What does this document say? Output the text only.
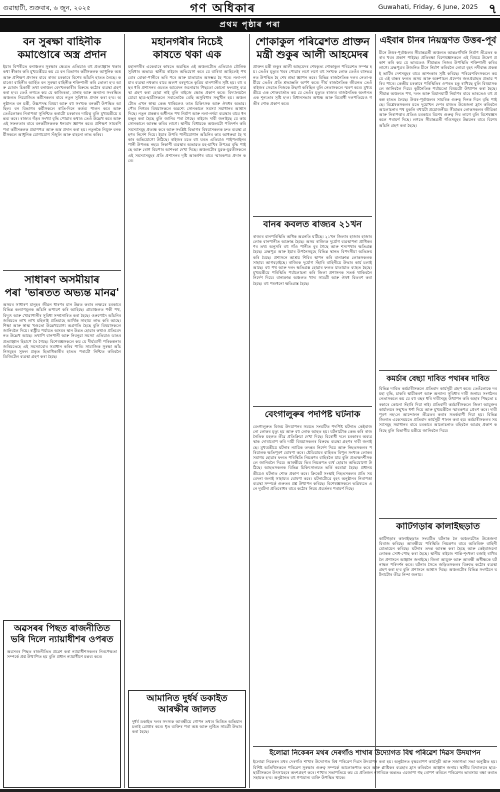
গুৱাহাটী, শুক্ৰবাৰ, ৬ জুন, ২০২৫	গণ অধিকাৰ	Guwahati, Friday, 6 June, 2025 ৭
প্ৰথম পৃষ্ঠাৰ পৰা
বন সুৰক্ষা বাহিনীক
কমাণ্ডোৰে অস্ত্ৰ প্ৰদান
ইয়াৰ বিপৰীতে বনাঞ্চলৰ সুৰক্ষাৰ ক্ষেত্ৰত এতিয়াও বহু প্ৰত্যাহ্বান থকাৰ কথা স্বীকাৰ কৰি মুখ্যমন্ত্ৰীয়ে কয় যে বন বিভাগৰ কৰ্মীসকলক আধুনিক অস্ত্ৰ আৰু প্ৰশিক্ষণ প্ৰদানৰ বাবে ৰাজ্য চৰকাৰে বিশেষ আঁচনি হাতত লৈছে। কমাণ্ডো বাহিনীৰ আৰ্হিত বন সুৰক্ষা বাহিনীক শক্তিশালী কৰি তোলা হ'ব আৰু চোৰাং চিকাৰী তথা বনাঞ্চল বেদখলকাৰীৰ বিৰুদ্ধে কঠোৰ ব্যৱস্থা গ্ৰহণ কৰা হ'ব। তেওঁ লগতে কয় যে কাজিৰঙা, মানাহ আৰু অন্যান্য সংৰক্ষিত অঞ্চলত নিয়োজিত কৰ্মীসকলৰ বাবে নতুন সুবিধাও প্ৰদান কৰা হ'ব। অনুষ্ঠানত বন মন্ত্ৰী, উচ্চপদস্থ বিষয়া আৰু বহু সংখ্যক বনকৰ্মী উপস্থিত আছিল। বন বিভাগৰ কৰ্মীসকলে ৰাতি-দিনে কৰ্তব্য পালন কৰে আৰু তেওঁলোকৰ নিৰাপত্তা সুনিশ্চিত কৰাটো চৰকাৰৰ দায়িত্ব বুলি মুখ্যমন্ত্ৰীয়ে মন্তব্য কৰে। ৰাজ্যৰ গঁড়ৰ সংখ্যা বৃদ্ধি পোৱাৰ কথাও তেওঁ উল্লেখ কৰে আৰু এই সফলতাৰ বাবে বনকৰ্মীসকলক ধন্যবাদ জ্ঞাপন কৰে। প্ৰশিক্ষণ সামৰণি পৰা কৰ্মীসকলক প্ৰমাণপত্ৰ আৰু অস্ত্ৰ প্ৰদান কৰা হয়। নতুনকৈ নিযুক্ত বনকৰ্মীসকলে আধুনিক যোগাযোগ সঁজুলি আৰু বাহনো লাভ কৰিব।
সাধাৰণ অসমীয়াৰ
পৰা 'ভাৰতত অভ্যন্ত মানৱ'
অসমৰ সাধাৰণ মানুহৰ জীৱন ধাৰণৰ মান উন্নত কৰাৰ লক্ষ্যৰে চৰকাৰে বিভিন্ন কল্যাণমূলক আঁচনি ৰূপায়ণ কৰি আহিছে। গ্ৰামাঞ্চলত পকী পথ, বিদ্যুৎ আৰু খোৱাপানীৰ সুবিধা সম্প্ৰসাৰিত কৰা হৈছে। ওৰুণোদৈ আঁচনিৰ জৰিয়তে লাখ লাখ মহিলাই প্ৰতিমাহে আৰ্থিক সাহায্য লাভ কৰি আছে। শিক্ষা আৰু স্বাস্থ্য খণ্ডতো উল্লেখযোগ্য অগ্ৰগতি হৈছে বুলি বিষয়াসকলে জানিবলৈ দিয়ে। ৰাষ্ট্ৰীয় পৰ্যায়ত অসমৰ স্থান উন্নত হোৱাৰ কথাও প্ৰতিবেদনত উল্লেখ আছে। তথাপি বানপানী আৰু নিবনুৱা সমস্যা এতিয়াও ডাঙৰ প্ৰত্যাহ্বান হিচাপে ৰৈ গৈছে। বিশেষজ্ঞসকলে কয় যে দীৰ্ঘম্যাদী পৰিকল্পনাৰ জৰিয়তেহে এই সমস্যাবোৰ সমাধান কৰিব পাৰি। সামাজিক সুৰক্ষা আঁচনিসমূহৰ সুফল প্ৰকৃত হিতাধিকাৰীৰ হাতত পৰাটো নিশ্চিত কৰিবলৈ ডিজিটেল ব্যৱস্থা গ্ৰহণ কৰা হৈছে।
অৱসৰৰ পিছত ৰাজনীতিত
ভৰি দিলে ন্যায়াধীশৰ ওপৰত
অৱসৰৰ পিছত ৰাজনীতিত প্ৰৱেশ কৰা ন্যায়াধীশসকলৰ নিৰপেক্ষতা সম্পৰ্কে প্ৰশ্ন উত্থাপিত হয় বুলি প্ৰধান ন্যায়াধীশে মন্তব্য কৰে।
মহানগৰীৰ নিচেই
কাষতে থকা এক
মহানগৰীৰ একেবাৰে কাষতে অৱস্থিত এই অঞ্চলটোত এতিয়াও মৌলিক সুবিধাৰ অভাৱ। স্থানীয় ৰাইজে অভিযোগ কৰে যে বাৰিষা আহিলেই পথবোৰ বোকা-পানীৰে ভৰি পৰে আৰু যাতায়াত অসম্ভৱ হৈ পৰে। নলা-নৰ্দমাৰ ব্যৱস্থা নথকাৰ বাবে অলপ বৰষুণতে কৃত্ৰিম বানপানীৰ সৃষ্টি হয়। বহু বছৰ ধৰি প্ৰশাসনৰ ওচৰত আবেদন জনোৱাৰ পিছতো কোনো ফলপ্ৰসূ ব্যৱস্থা গ্ৰহণ কৰা হোৱা নাই বুলি ৰাইজে ক্ষোভ প্ৰকাশ কৰে। বিদ্যালয়লৈ যোৱা ছাত্ৰ-ছাত্ৰীসকলে সবাতোকৈ বেছি অসুবিধাৰ সন্মুখীন হয়। অঞ্চলটোত এখন স্বাস্থ্য কেন্দ্ৰ থাকিলেও তাত চিকিৎসক আৰু ঔষধৰ অভাৱ। পৌৰ নিগমৰ বিষয়াসকলে অৱশ্যে সোনকালে সমস্যা সমাধানৰ আশ্বাস দিছে। নতুন প্ৰকল্পৰ অধীনত পথ নিৰ্মাণ আৰু নলা-নৰ্দমা ব্যৱস্থাৰ বাবে ধন মঞ্জুৰ কৰা হৈছে বুলি জানিব পৰা গৈছে। ৰাইজে দাবী জনাইছে যে কাম সোনকালে আৰম্ভ কৰিব লাগে। স্থানীয় বিধায়কে অঞ্চলটো পৰিদৰ্শন কৰি সমস্যাসমূহ প্ৰত্যক্ষ কৰে আৰু সংশ্লিষ্ট বিভাগৰ বিষয়াসকলক দ্ৰুত ব্যৱস্থা গ্ৰহণৰ নিৰ্দেশ দিয়ে। ইয়াৰ উপৰি পানীযোগান আঁচনিৰ কাম আধৰুৱা হৈ থকাৰ অভিযোগো উঠিছে। ৰাইজৰ মতে বহু ঘৰত এতিয়াও পাইপলাইনৰ পানী উপলব্ধ নহয়। নিকাশী ব্যৱস্থাৰ অভাৱত মহ-মাখিৰ উপদ্ৰৱ বৃদ্ধি পাইছে আৰু ৰোগ বিয়পাৰ আশংকা দেখা দিছে। অঞ্চলটোৰ যুৱক-যুৱতীসকলে এই সমস্যাসমূহৰ প্ৰতি প্ৰশাসনৰ দৃষ্টি আকৰ্ষণৰ বাবে স্মাৰকপত্ৰ প্ৰদান কৰে।
আমানিত দুৰ্ধৰ্ষ ডকাইত
আৰক্ষীৰ জালত
দুৰ্ধৰ্ষ ডকাইত দলৰ সদস্যক আৰক্ষীয়ে গোপন তথ্যৰ ভিত্তিত অভিযান চলাই গ্ৰেপ্তাৰ কৰে। ধৃত ব্যক্তিৰ পৰা অস্ত্ৰ আৰু লুণ্ঠিত সামগ্ৰী উদ্ধাৰ কৰা হৈছে।
শোকাকুল পৰিৱেশত প্ৰাক্তন
মন্ত্ৰী শুকুৰ আলী আহমেদৰ
প্ৰাক্তন মন্ত্ৰী শুকুৰ আলী আহমেদৰ শেষকৃত্য শোকাকুল পৰিৱেশত সম্পন্ন হয়। তেওঁৰ মৃত্যুৰ খবৰ পোৱাৰ লগে লগে বহু সংখ্যক লোক তেওঁৰ বাসভৱনত উপস্থিত হৈ শেষ শ্ৰদ্ধা জ্ঞাপন কৰে। বিভিন্ন ৰাজনৈতিক দলৰ নেতা-কৰ্মীয়ে তেওঁৰ প্ৰতি শ্ৰদ্ধাঞ্জলি অৰ্পণ কৰে। দীৰ্ঘ ৰাজনৈতিক জীৱনত তেওঁ ৰাইজৰ সেৱাত নিজকে উছৰ্গা কৰিছিল বুলি নেতাসকলে স্মৰণ কৰে। মুখ্যমন্ত্ৰীয়ে এক শোকবাৰ্তাত কয় যে তেওঁৰ মৃত্যুত ৰাজ্যৰ ৰাজনৈতিক অংগনত এক শূন্যতাৰ সৃষ্টি হ'ল। বিধানসভাৰ অধ্যক্ষ আৰু বিৰোধী দলপতিয়েও গভীৰ শোক প্ৰকাশ কৰে।
বানৰ কবলত ৰাজ্যৰ ২১খন
ৰাজ্যৰ বানপৰিস্থিতি অধিক অৱনতি ঘটিছে। ২১খন জিলাৰ হাজাৰ হাজাৰ লোক বানপানীত আক্ৰান্ত হৈছে। অসম ৰাজ্যিক দুৰ্যোগ ব্যৱস্থাপনা প্ৰাধিকৰণৰ তথ্য অনুসৰি বহু গাঁও পানীত বুৰ গৈছে আৰু শস্যপথাৰ ক্ষতিগ্ৰস্ত হৈছে। ব্ৰহ্মপুত্ৰ আৰু ইয়াৰ উপনৈসমূহে বিভিন্ন স্থানত বিপদসীমা অতিক্ৰম কৰি বৈছে। প্ৰশাসনে আশ্ৰয় শিবিৰ স্থাপন কৰি বানাক্ৰান্ত লোকসকলক সাহায্য আগবঢ়াইছে। ৰাজ্যিক দুৰ্যোগ সঁহাৰি বাহিনীয়ে উদ্ধাৰ কাৰ্য চলাই আছে। বহু পথ আৰু দলং ক্ষতিগ্ৰস্ত হোৱাৰ ফলত যাতায়াত ব্যাহত হৈছে। মুখ্যমন্ত্ৰীয়ে পৰিস্থিতি পৰ্যালোচনা কৰি জিলা প্ৰশাসনক সতৰ্ক থাকিবলৈ নিৰ্দেশ দিয়ে। বানাক্ৰান্ত অঞ্চলত খাদ্য সামগ্ৰী আৰু ঔষধ বিতৰণ কৰা হৈছে। বহু পশুধনো ক্ষতিগ্ৰস্ত হৈছে।
বেংগালুৰুৰ পদপিষ্ট ঘটনাক
বেংগালুৰুত বিজয় উদযাপনৰ সময়ত সংঘটিত পদপিষ্ট ঘটনাত কেইবাজনো লোকৰ মৃত্যু হয় আৰু বহু লোক আহত হয়। ঘটনাটোক কেন্দ্ৰ কৰি ৰাজনৈতিক মহলত তীব্ৰ প্ৰতিক্ৰিয়া দেখা দিছে। বিৰোধী দলে চৰকাৰৰ অব্যৱস্থাক দোষাৰোপ কৰি দায়ী বিষয়াসকলৰ বিৰুদ্ধে ব্যৱস্থা গ্ৰহণৰ দাবী জনাইছে। মুখ্যমন্ত্ৰীয়ে ঘটনাৰ ন্যায়িক তদন্তৰ নিৰ্দেশ দিয়ে আৰু নিহতসকলৰ পৰিয়ালক ক্ষতিপূৰণ ঘোষণা কৰে। ষ্টেডিয়ামৰ বাহিৰত বিপুল সংখ্যক লোকৰ সমাগম হোৱাৰ ফলত পৰিস্থিতি নিয়ন্ত্ৰণৰ বাহিৰলৈ যায় বুলি প্ৰত্যক্ষদৰ্শীসকলে জানিবলৈ দিয়ে। আৰক্ষীয়ে ভিৰ নিয়ন্ত্ৰণত ব্যৰ্থ হোৱাৰ অভিযোগো উঠিছে। আহতসকলক বিভিন্ন চিকিৎসালয়ত ভৰ্তি কৰোৱা হৈছে। প্ৰধানমন্ত্ৰীয়েও ঘটনাত শোক প্ৰকাশ কৰে। ক্ৰিকেট সংস্থাই নিহতসকলৰ প্ৰতি সমবেদনা জনাই সাহায্যৰ ঘোষণা কৰে। ঘটনাটোৱে বৃহৎ অনুষ্ঠানৰ নিৰাপত্তা ব্যৱস্থা সম্পৰ্কে গুৰুতৰ প্ৰশ্ন উত্থাপন কৰিছে। বিশেষজ্ঞসকলে ভৱিষ্যতে এনে দুৰ্ঘটনা প্ৰতিৰোধৰ বাবে কঠোৰ নিয়ম প্ৰৱৰ্তনৰ পৰামৰ্শ দিছে।
এইবাৰ চীনৰ নিয়ন্ত্ৰণত উত্তৰ-পূৰ্ব
চীনে উত্তৰ-পূৰ্বাঞ্চলৰ সীমান্তৱৰ্তী অঞ্চলত আন্তঃগাঁথনি নিৰ্মাণ তীব্ৰতৰ কৰাৰ খবৰ প্ৰকাশ পাইছে। প্ৰতিৰক্ষা বিশেষজ্ঞসকলে এই বিষয়ে উদ্বেগ প্ৰকাশ কৰি কয় যে ভাৰতেও সীমান্তত নিজৰ উপস্থিতি শক্তিশালী কৰিব লাগে। ব্ৰহ্মপুত্ৰৰ উজনিত চীনে নিৰ্মাণ কৰিবলৈ লোৱা বৃহৎ নদীবান্ধ প্ৰকল্পই ভাটিৰ দেশসমূহৰ বাবে আশংকাৰ সৃষ্টি কৰিছে। পৰিৱেশবিদসকলে কয় যে এই বান্ধৰ ফলত অসম আৰু অৰুণাচল প্ৰদেশৰ জলপ্ৰৱাহত প্ৰভাৱ পৰিব পাৰে। কেন্দ্ৰীয় চৰকাৰে পৰিস্থিতিৰ ওপৰত চকু ৰাখিছে বুলি বিষয়াসকলে জানিবলৈ দিয়ে। কূটনৈতিক পৰ্যায়তো বিষয়টো উত্থাপন কৰা হৈছে। সীমান্ত অঞ্চলত পথ, দলং আৰু বিমানঘাটি নিৰ্মাণৰ বাবে ভাৰতেও বহু প্ৰকল্প হাতত লৈছে। উত্তৰ-পূৰ্বাঞ্চলৰ সামৰিক গুৰুত্ব দিনক দিনে বৃদ্ধি পাইছে। বিশ্লেষকসকলৰ মতে দুয়োখন দেশৰ মাজত উত্তেজনা হ্ৰাস কৰিবলৈ আলোচনাৰ পথ মুকলি ৰখাটো প্ৰয়োজনীয়। সীমান্তৰ লোকসকলৰ জীৱিকা আৰু নিৰাপত্তাৰ প্ৰতিও চৰকাৰে বিশেষ গুৰুত্ব দিব লাগে বুলি বিশেষজ্ঞসকলে পৰামৰ্শ দিছে। লগতে সীমান্তৱৰ্তী গাঁওসমূহৰ উন্নয়নৰ বাবে বিশেষ আঁচনি গ্ৰহণ কৰা হৈছে।
কমৰ্চাৰ বেছ্যা দাবিত পথাৰৰ দাবিত
বিভিন্ন দাবিত কৰ্মচাৰীসকলে প্ৰতিবাদ কাৰ্যসূচী গ্ৰহণ কৰে। তেওঁলোকে দৰমহা বৃদ্ধি, চাকৰি স্থায়ীকৰণ আৰু অন্যান্য সুবিধাৰ দাবী জনায়। সংগঠনৰ নেতাসকলে কয় যে বহু বছৰ ধৰি দাবীসমূহ উত্থাপন কৰি অহাৰ পিছতো চৰকাৰে কোনো সঁহাৰি দিয়া নাই। প্ৰতিবাদী কৰ্মচাৰীসকলে জিলা আয়ুক্তৰ কাৰ্যালয়ৰ সন্মুখত ধৰ্ণা দিয়ে আৰু মুখ্যমন্ত্ৰীলৈ স্মাৰকপত্ৰ প্ৰেৰণ কৰে। দাবী পূৰণ নহ'লে আন্দোলন তীব্ৰতৰ কৰাৰ সতৰ্কবাণী দিয়া হয়। বিভিন্ন জিলাত একেসময়তে প্ৰতিবাদ কাৰ্যসূচী পালন কৰা হয়। কৰ্মচাৰীসকলৰ সমস্যাসমূহ সমাধানৰ বাবে চৰকাৰে আলোচনাত বহিবলৈ আগ্ৰহ প্ৰকাশ কৰিছে বুলি বিভাগীয় মন্ত্ৰীয়ে জানিবলৈ দিয়ে।
কাটিগড়াৰ কালাইছড়াত
কাটিগড়াৰ কালাইছড়াত সংঘটিত ঘটনাক লৈ অঞ্চলটোত উত্তেজনা বিৰাজ কৰিছে। আৰক্ষীয়ে পৰিস্থিতি নিয়ন্ত্ৰণৰ বাবে অতিৰিক্ত বাহিনী মোতায়েন কৰিছে। ঘটনাৰ তদন্ত আৰম্ভ কৰা হৈছে আৰু কেইবাজনো লোকক সোধ-পোছ কৰা হৈছে। স্থানীয় ৰাইজে শান্তি-শৃংখলা বজাই ৰাখিবলৈ প্ৰশাসনে আহ্বান জনাইছে। জিলা আয়ুক্ত আৰু আৰক্ষী অধীক্ষকে ঘটনাস্থল পৰিদৰ্শন কৰে। ঘটনাৰ সৈতে জড়িতসকলৰ বিৰুদ্ধে কঠোৰ ব্যৱস্থা গ্ৰহণ কৰা হ'ব বুলি প্ৰশাসনে আশ্বাস দিছে। অঞ্চলটোৰ বিভিন্ন সংগঠনে ঘটনাটোৰ তীব্ৰ নিন্দা জনায়।
ইলোৱা নিকেৰন মথৰ দেৰগাঁও শাখাৰ উদ্যোগত বিশ্ব পৰিৱেশ দিৱস উদযাপন
ইলোৱা নিকেৰন মথৰ দেৰগাঁও শাখাৰ উদ্যোগত বিশ্ব পৰিৱেশ দিৱস উদযাপন কৰা হয়। অনুষ্ঠানত বৃক্ষৰোপণ কাৰ্যসূচী আৰু সজাগতা সভা অনুষ্ঠিত হয়। বিশিষ্ট অতিথিসকলে পৰিৱেশ সুৰক্ষাৰ গুৰুত্ব সম্পৰ্কে আলোকপাত কৰে আৰু প্লাষ্টিকৰ ব্যৱহাৰ হ্ৰাস কৰিবলৈ আহ্বান জনায়। স্থানীয় বিদ্যালয়ৰ ছাত্ৰ-ছাত্ৰীসকলে উৎসাহেৰে অংশগ্ৰহণ কৰে। শাখাৰ সভাপতিয়ে কয় যে প্ৰতিজন নাগৰিকে অন্ততঃ এজোপা গছ ৰোপণ কৰিলে পৰিৱেশৰ ভাৰসাম্য ৰক্ষা কৰাত সহায়ক হ'ব। অনুষ্ঠানত বহু গণ্যমান্য ব্যক্তি উপস্থিত থাকে।
